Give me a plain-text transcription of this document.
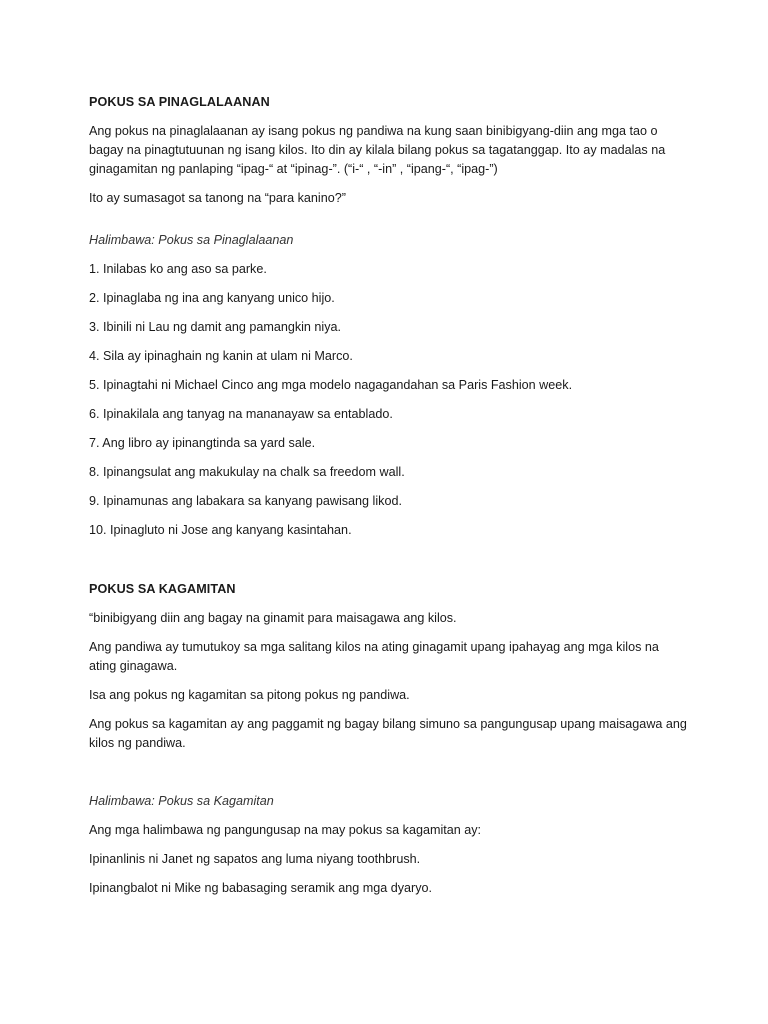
POKUS SA PINAGLALAANAN

Ang pokus na pinaglalaanan ay isang pokus ng pandiwa na kung saan binibigyang-diin ang mga tao o

bagay na pinagtutuunan ng isang kilos. Ito din ay kilala bilang pokus sa tagatanggap. Ito ay madalas na

ginagamitan ng panlaping “ipag-“ at “ipinag-”. (“i-“ , “-in” , “ipang-“, “ipag-”)

Ito ay sumasagot sa tanong na “para kanino?”
Halimbawa: Pokus sa Pinaglalaanan
1. Inilabas ko ang aso sa parke.
2. Ipinaglaba ng ina ang kanyang unico hijo.
3. Ibinili ni Lau ng damit ang pamangkin niya.
4. Sila ay ipinaghain ng kanin at ulam ni Marco.
5. Ipinagtahi ni Michael Cinco ang mga modelo nagagandahan sa Paris Fashion week.
6. Ipinakilala ang tanyag na mananayaw sa entablado.
7. Ang libro ay ipinangtinda sa yard sale.
8. Ipinangsulat ang makukulay na chalk sa freedom wall.
9. Ipinamunas ang labakara sa kanyang pawisang likod.
10. Ipinagluto ni Jose ang kanyang kasintahan.
POKUS SA KAGAMITAN
“binibigyang diin ang bagay na ginamit para maisagawa ang kilos.

Ang pandiwa ay tumutukoy sa mga salitang kilos na ating ginagamit upang ipahayag ang mga kilos na

ating ginagawa.

Isa ang pokus ng kagamitan sa pitong pokus ng pandiwa.

Ang pokus sa kagamitan ay ang paggamit ng bagay bilang simuno sa pangungusap upang maisagawa ang

kilos ng pandiwa.

Halimbawa: Pokus sa Kagamitan
Ang mga halimbawa ng pangungusap na may pokus sa kagamitan ay:
Ipinanlinis ni Janet ng sapatos ang luma niyang toothbrush.
Ipinangbalot ni Mike ng babasaging seramik ang mga dyaryo.
